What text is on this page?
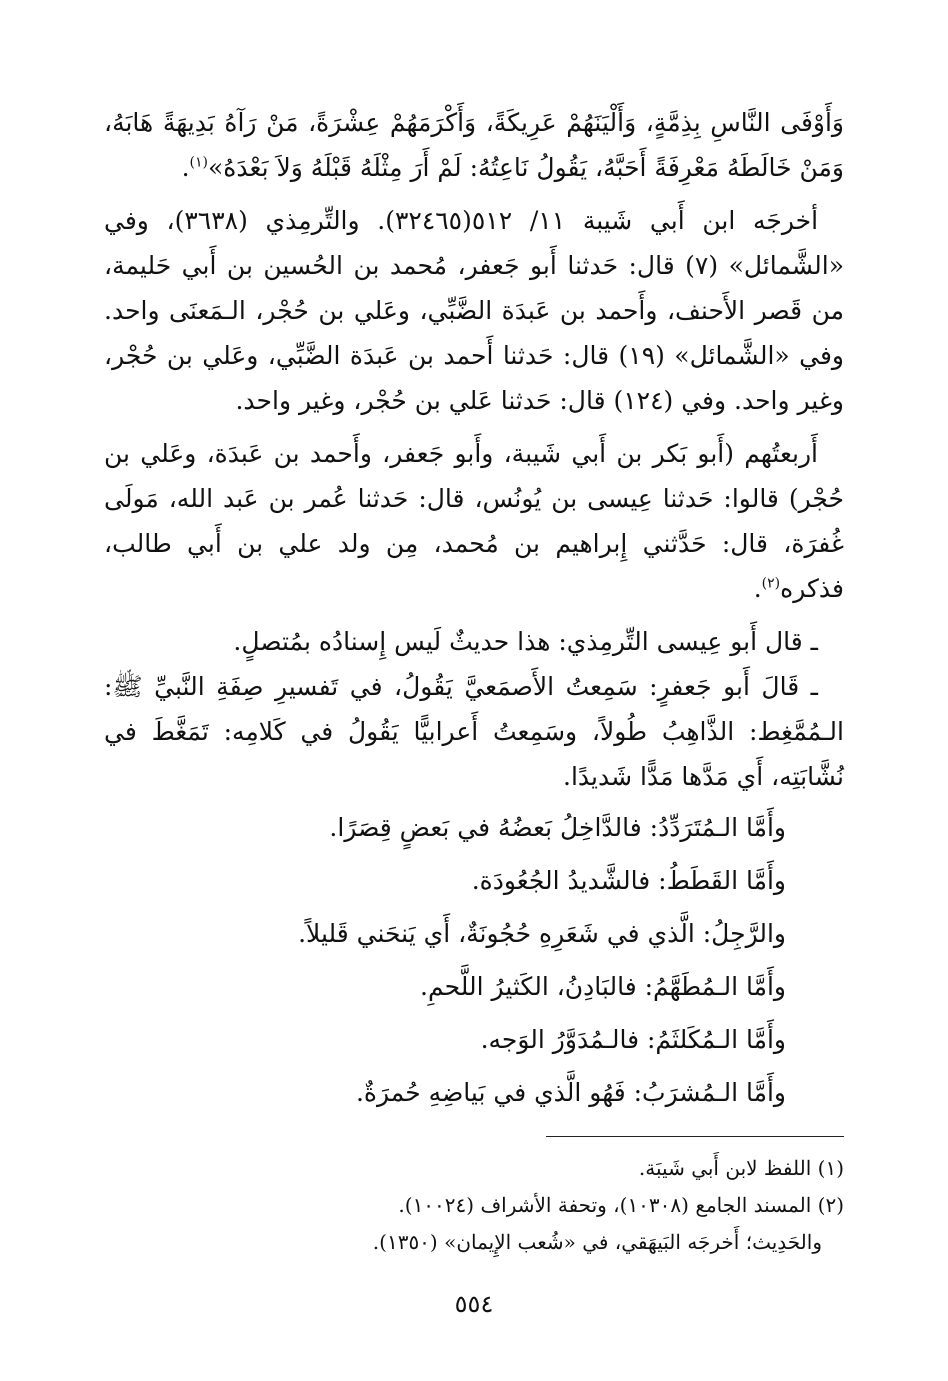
وَأَوْفَى النَّاسِ بِذِمَّةٍ، وَأَلْيَنَهُمْ عَرِيكَةً، وَأَكْرَمَهُمْ عِشْرَةً، مَنْ رَآهُ بَدِيهَةً هَابَهُ، وَمَنْ خَالَطَهُ مَعْرِفَةً أَحَبَّهُ، يَقُولُ نَاعِتُهُ: لَمْ أَرَ مِثْلَهُ قَبْلَهُ وَلاَ بَعْدَهُ»$^{(١)}$.

أخرجَه ابن أَبي شَيبة ١١/ ٥١٢(٣٢٤٦٥). والتِّرمِذي (٣٦٣٨)، وفي «الشَّمائل» (٧) قال: حَدثنا أَبو جَعفر، مُحمد بن الحُسين بن أَبي حَليمة، من قَصر الأَحنف، وأَحمد بن عَبدَة الضَّبِّي، وعَلي بن حُجْر، الـمَعنَى واحد. وفي «الشَّمائل» (١٩) قال: حَدثنا أَحمد بن عَبدَة الضَّبِّي، وعَلي بن حُجْر، وغير واحد. وفي (١٢٤) قال: حَدثنا عَلي بن حُجْر، وغير واحد.

أَربعتُهم (أَبو بَكر بن أَبي شَيبة، وأَبو جَعفر، وأَحمد بن عَبدَة، وعَلي بن حُجْر) قالوا: حَدثنا عِيسى بن يُونُس، قال: حَدثنا عُمر بن عَبد الله، مَولَى غُفرَة، قال: حَدَّثني إِبراهيم بن مُحمد، مِن ولد علي بن أَبي طالب، فذكره$^{(٢)}$.

ـ قال أَبو عِيسى التِّرمِذي: هذا حديثٌ لَيس إِسنادُه بمُتصلٍ.

ـ قَالَ أَبو جَعفرٍ: سَمِعتُ الأَصمَعيَّ يَقُولُ، في تَفسيرِ صِفَةِ النَّبيِّ ﷺ: الـمُمَّغِط: الذَّاهِبُ طُولاً، وسَمِعتُ أَعرابيًّا يَقُولُ في كَلامِه: تَمَغَّطَ في نُشَّابَتِه، أَي مَدَّها مَدًّا شَديدًا.

وأَمَّا الـمُتَرَدِّدُ: فالدَّاخِلُ بَعضُهُ في بَعضٍ قِصَرًا.

وأَمَّا القَطَطُ: فالشَّديدُ الجُعُودَة.

والرَّجِلُ: الَّذي في شَعَرِهِ حُجُونَةٌ، أَي يَنحَني قَليلاً.

وأَمَّا الـمُطَهَّمُ: فالبَادِنُ، الكَثيرُ اللَّحمِ.

وأَمَّا الـمُكَلثَمُ: فالـمُدَوَّرُ الوَجه.

وأَمَّا الـمُشرَبُ: فَهُو الَّذي في بَياضِهِ حُمرَةٌ.

(١) اللفظ لابن أَبي شَيبَة.

(٢) المسند الجامع (١٠٣٠٨)، وتحفة الأشراف (١٠٠٢٤).

والحَدِيث؛ أَخرجَه البَيهَقي، في «شُعب الإِيمان» (١٣٥٠).

٥٥٤
